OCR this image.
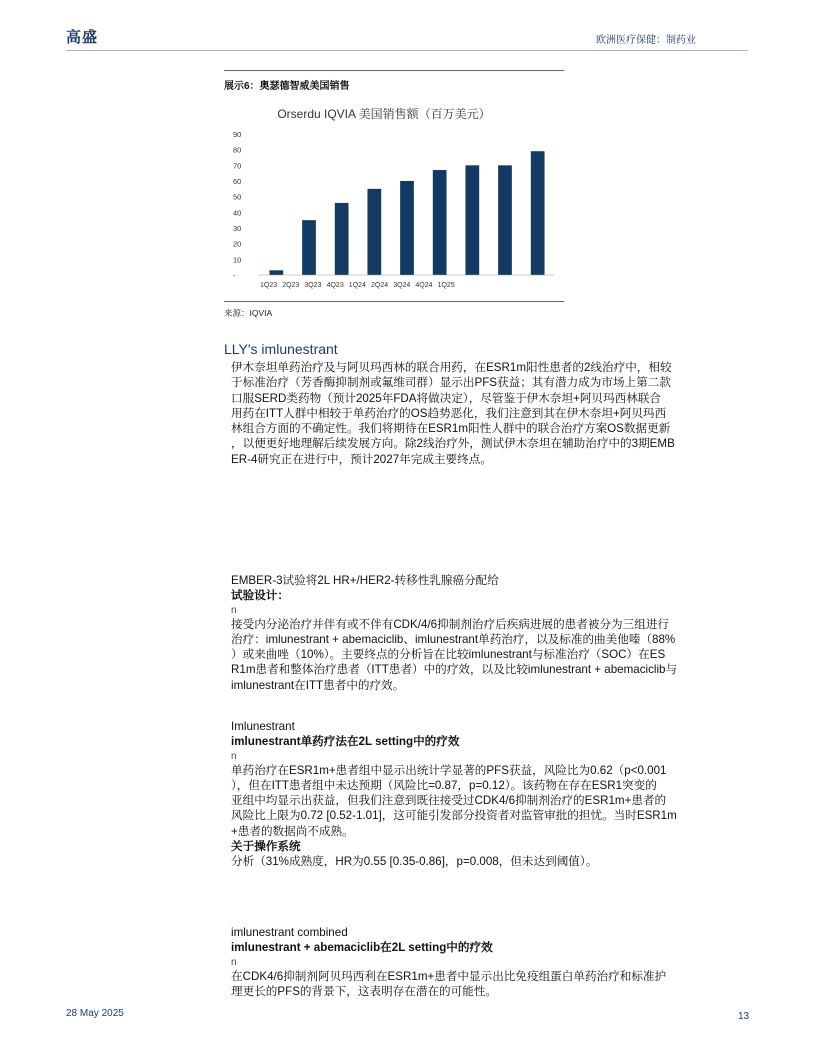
高盛	欧洲医疗保健：制药业
展示6：奥瑟德智威美国销售
Orserdu IQVIA 美国销售额（百万美元）
90
80
70
60
50
40
30
20
10
-
1Q23 2Q23 3Q23 4Q23 1Q24 2Q24 3Q24 4Q24 1Q25
来源：IQVIA
LLY's imlunestrant
伊木奈坦单药治疗及与阿贝玛西林的联合用药，在ESR1m阳性患者的2线治疗中，相较
于标准治疗（芳香酶抑制剂或氟维司群）显示出PFS获益；其有潜力成为市场上第二款
口服SERD类药物（预计2025年FDA将做决定），尽管鉴于伊木奈坦+阿贝玛西林联合
用药在ITT人群中相较于单药治疗的OS趋势恶化，我们注意到其在伊木奈坦+阿贝玛西
林组合方面的不确定性。我们将期待在ESR1m阳性人群中的联合治疗方案OS数据更新
，以便更好地理解后续发展方向。除2线治疗外，测试伊木奈坦在辅助治疗中的3期EMB
ER-4研究正在进行中，预计2027年完成主要终点。
EMBER-3试验将2L HR+/HER2-转移性乳腺癌分配给
试验设计：
n
接受内分泌治疗并伴有或不伴有CDK/4/6抑制剂治疗后疾病进展的患者被分为三组进行
治疗：imlunestrant + abemaciclib、imlunestrant单药治疗，以及标准的曲美他嗪（88%
）或来曲唑（10%）。主要终点的分析旨在比较imlunestrant与标准治疗（SOC）在ES
R1m患者和整体治疗患者（ITT患者）中的疗效，以及比较imlunestrant + abemaciclib与
imlunestrant在ITT患者中的疗效。
Imlunestrant
imlunestrant单药疗法在2L setting中的疗效
n
单药治疗在ESR1m+患者组中显示出统计学显著的PFS获益，风险比为0.62（p<0.001
），但在ITT患者组中未达预期（风险比=0.87，p=0.12）。该药物在存在ESR1突变的
亚组中均显示出获益，但我们注意到既往接受过CDK4/6抑制剂治疗的ESR1m+患者的
风险比上限为0.72 [0.52-1.01]，这可能引发部分投资者对监管审批的担忧。当时ESR1m
+患者的数据尚不成熟。
关于操作系统
分析（31%成熟度，HR为0.55 [0.35-0.86]，p=0.008，但未达到阈值）。
imlunestrant combined
imlunestrant + abemaciclib在2L setting中的疗效
n
在CDK4/6抑制剂阿贝玛西利在ESR1m+患者中显示出比免疫组蛋白单药治疗和标准护
理更长的PFS的背景下，这表明存在潜在的可能性。
28 May 2025	13
